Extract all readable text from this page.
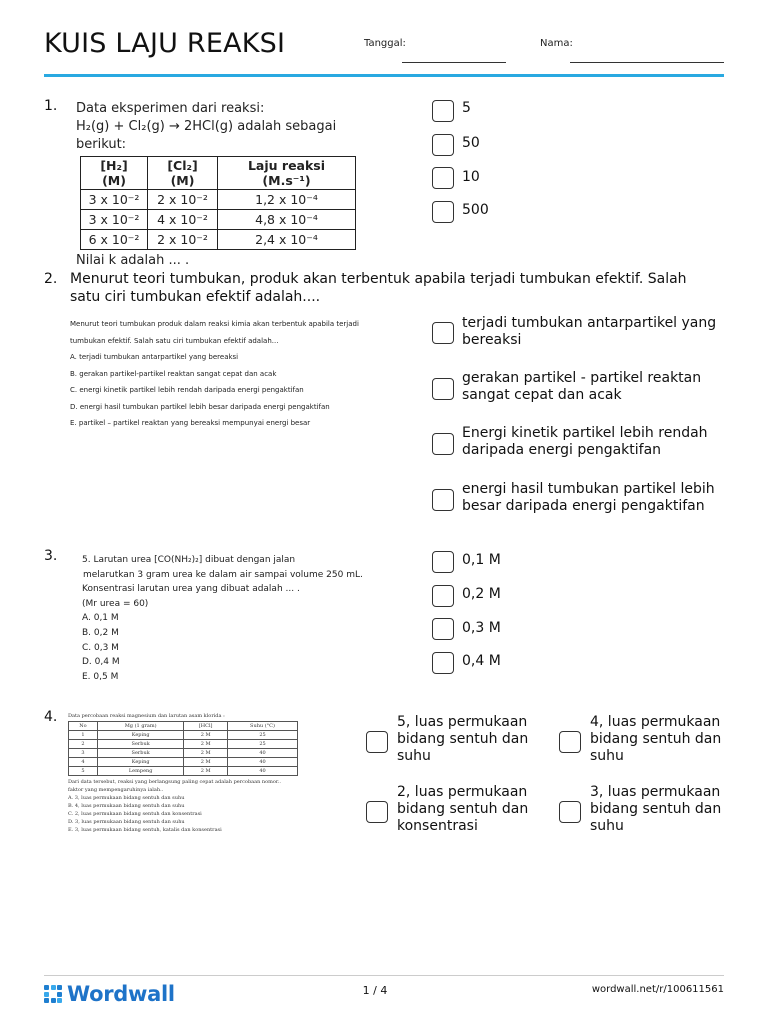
KUIS LAJU REAKSI	Tanggal:	Nama:
1. Data eksperimen dari reaksi:
H₂(g) + Cl₂(g) → 2HCl(g) adalah sebagai
berikut:
[H₂] (M)	[Cl₂] (M)	Laju reaksi (M.s⁻¹)
3 x 10⁻²	2 x 10⁻²	1,2 x 10⁻⁴
3 x 10⁻²	4 x 10⁻²	4,8 x 10⁻⁴
6 x 10⁻²	2 x 10⁻²	2,4 x 10⁻⁴
Nilai k adalah ... .
5
50
10
500
2. Menurut teori tumbukan, produk akan terbentuk apabila terjadi tumbukan efektif. Salah satu ciri tumbukan efektif adalah....
Menurut teori tumbukan produk dalam reaksi kimia akan terbentuk apabila terjadi
tumbukan efektif. Salah satu ciri tumbukan efektif adalah...
A. terjadi tumbukan antarpartikel yang bereaksi
B. gerakan partikel-partikel reaktan sangat cepat dan acak
C. energi kinetik partikel lebih rendah daripada energi pengaktifan
D. energi hasil tumbukan partikel lebih besar daripada energi pengaktifan
E. partikel – partikel reaktan yang bereaksi mempunyai energi besar
terjadi tumbukan antarpartikel yang bereaksi
gerakan partikel - partikel reaktan sangat cepat dan acak
Energi kinetik partikel lebih rendah daripada energi pengaktifan
energi hasil tumbukan partikel lebih besar daripada energi pengaktifan
3.	5. Larutan urea [CO(NH₂)₂] dibuat dengan jalan
melarutkan 3 gram urea ke dalam air sampai volume 250 mL.
Konsentrasi larutan urea yang dibuat adalah ... .
(Mr urea = 60)
A. 0,1 M
B. 0,2 M
C. 0,3 M
D. 0,4 M
E. 0,5 M
0,1 M
0,2 M
0,3 M
0,4 M
4. Data percobaan reaksi magnesium dan larutan asam klorida :
No	Mg (1 gram)	[HCl]	Suhu (°C)
1	Keping	2 M	25
2	Serbuk	2 M	25
3	Serbuk	2 M	40
4	Keping	2 M	40
5	Lempeng	2 M	40
Dari data tersebut, reaksi yang berlangsung paling cepat adalah percobaan nomor..
faktor yang mempengaruhinya ialah..
A. 3, luas permukaan bidang sentuh dan suhu
B. 4, luas permukaan bidang sentuh dan suhu
C. 2, luas permukaan bidang sentuh dan konsentrasi
D. 3, luas permukaan bidang sentuh dan suhu
E. 3, luas permukaan bidang sentuh, katalis dan konsentrasi
5, luas permukaan bidang sentuh dan suhu
4, luas permukaan bidang sentuh dan suhu
2, luas permukaan bidang sentuh dan konsentrasi
3, luas permukaan bidang sentuh dan suhu
Wordwall	1 / 4	wordwall.net/r/100611561
